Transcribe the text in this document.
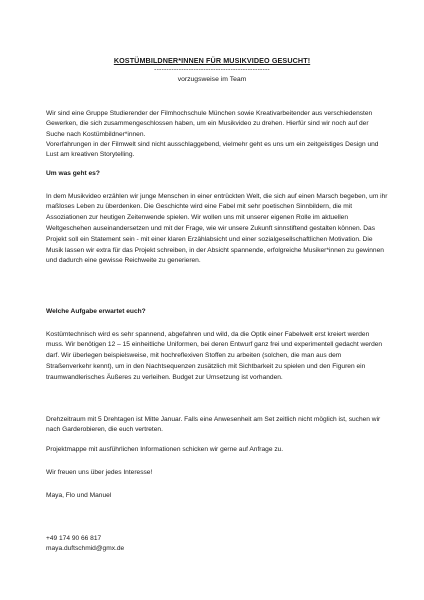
KOSTÜMBILDNER*INNEN FÜR MUSIKVIDEO GESUCHT!
-----------------------------------------------
vorzugsweise im Team

Wir sind eine Gruppe Studierender der Filmhochschule München sowie Kreativarbeitender aus verschiedensten Gewerken, die sich zusammengeschlossen haben, um ein Musikvideo zu drehen. Hierfür sind wir noch auf der Suche nach Kostümbildner*innen.

Vorerfahrungen in der Filmwelt sind nicht ausschlaggebend, vielmehr geht es uns um ein zeitgeistiges Design und Lust am kreativen Storytelling.

Um was geht es?

In dem Musikvideo erzählen wir junge Menschen in einer entrückten Welt, die sich auf einen Marsch begeben, um ihr maßloses Leben zu überdenken. Die Geschichte wird eine Fabel mit sehr poetischen Sinnbildern, die mit Assoziationen zur heutigen Zeitenwende spielen. Wir wollen uns mit unserer eigenen Rolle im aktuellen Weltgeschehen auseinandersetzen und mit der Frage, wie wir unsere Zukunft sinnstiftend gestalten können. Das Projekt soll ein Statement sein - mit einer klaren Erzählabsicht und einer sozialgesellschaftlichen Motivation. Die Musik lassen wir extra für das Projekt schreiben, in der Absicht spannende, erfolgreiche Musiker*innen zu gewinnen und dadurch eine gewisse Reichweite zu generieren.

Welche Aufgabe erwartet euch?

Kostümtechnisch wird es sehr spannend, abgefahren und wild, da die Optik einer Fabelwelt erst kreiert werden muss. Wir benötigen 12 – 15 einheitliche Uniformen, bei deren Entwurf ganz frei und experimentell gedacht werden darf. Wir überlegen beispielsweise, mit hochreflexiven Stoffen zu arbeiten (solchen, die man aus dem Straßenverkehr kennt), um in den Nachtsequenzen zusätzlich mit Sichtbarkeit zu spielen und den Figuren ein traumwandlerisches Äußeres zu verleihen. Budget zur Umsetzung ist vorhanden.

Drehzeitraum mit 5 Drehtagen ist Mitte Januar. Falls eine Anwesenheit am Set zeitlich nicht möglich ist, suchen wir nach Garderobieren, die euch vertreten.

Projektmappe mit ausführlichen Informationen schicken wir gerne auf Anfrage zu.

Wir freuen uns über jedes Interesse!

Maya, Flo und Manuel

+49 174 90 66 817

maya.duftschmid@gmx.de
